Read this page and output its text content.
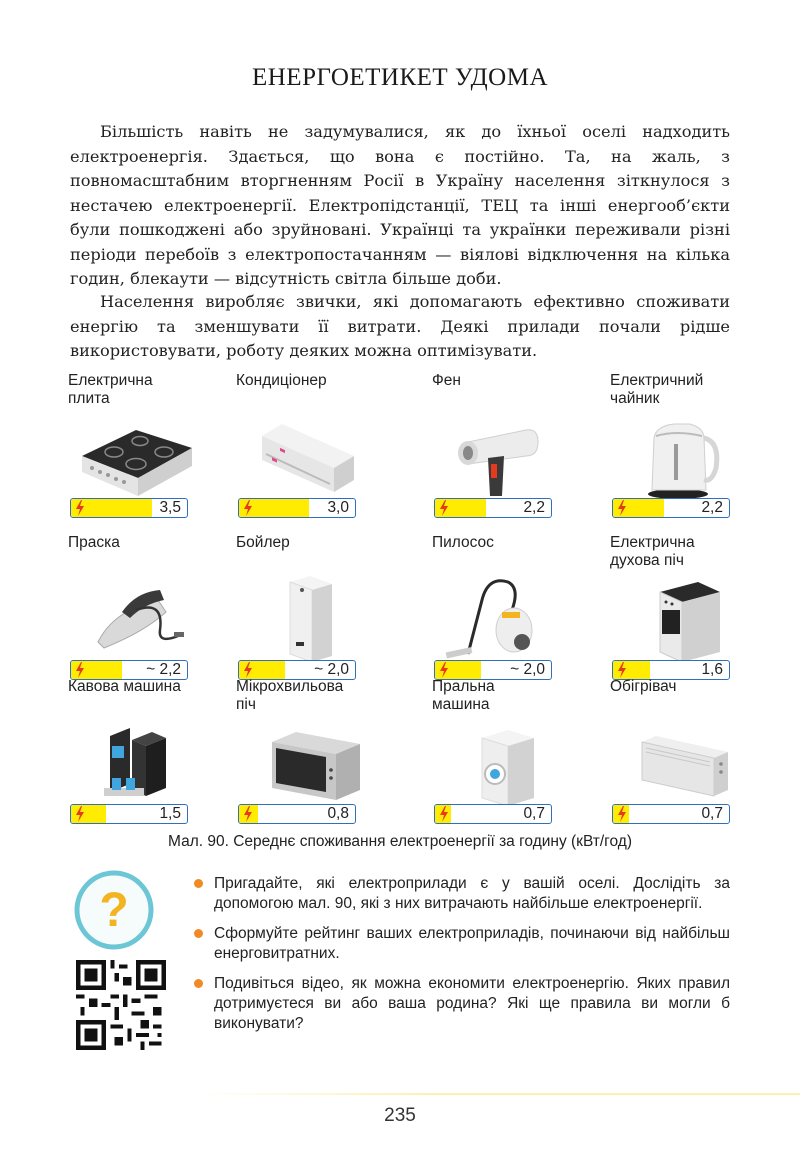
ЕНЕРГОЕТИКЕТ УДОМА

Більшість навіть не задумувалися, як до їхньої оселі надходить електроенергія. Здається, що вона є постійно. Та, на жаль, з повномасштабним вторгненням Росії в Україну населення зіткнулося з нестачею електроенергії. Електропідстанції, ТЕЦ та інші енергооб’єкти були пошкоджені або зруйновані. Українці та українки переживали різні періоди перебоїв з електропостачанням — віялові відключення на кілька годин, блекаути — відсутність світла більше доби.

Населення виробляє звички, які допомагають ефективно споживати енергію та зменшувати її витрати. Деякі прилади почали рідше використовувати, роботу деяких можна оптимізувати.

Електрична плита
3,5
Кондиціонер
3,0
Фен
2,2
Електричний чайник
2,2
Праска
~ 2,2
Бойлер
~ 2,0
Пилосос
~ 2,0
Електрична духова піч
1,6
Кавова машина
1,5
Мікрохвильова піч
0,8
Пральна машина
0,7
Обігрівач
0,7
Мал. 90. Середнє споживання електроенергії за годину (кВт/год)
?
Пригадайте, які електроприлади є у вашій оселі. Дослідіть за допомогою мал. 90, які з них витрачають найбільше електроенергії.
Сформуйте рейтинг ваших електроприладів, починаючи від найбільш енерговитратних.
Подивіться відео, як можна економити електроенергію. Яких правил дотримуєтеся ви або ваша родина? Які ще правила ви могли б виконувати?
235
